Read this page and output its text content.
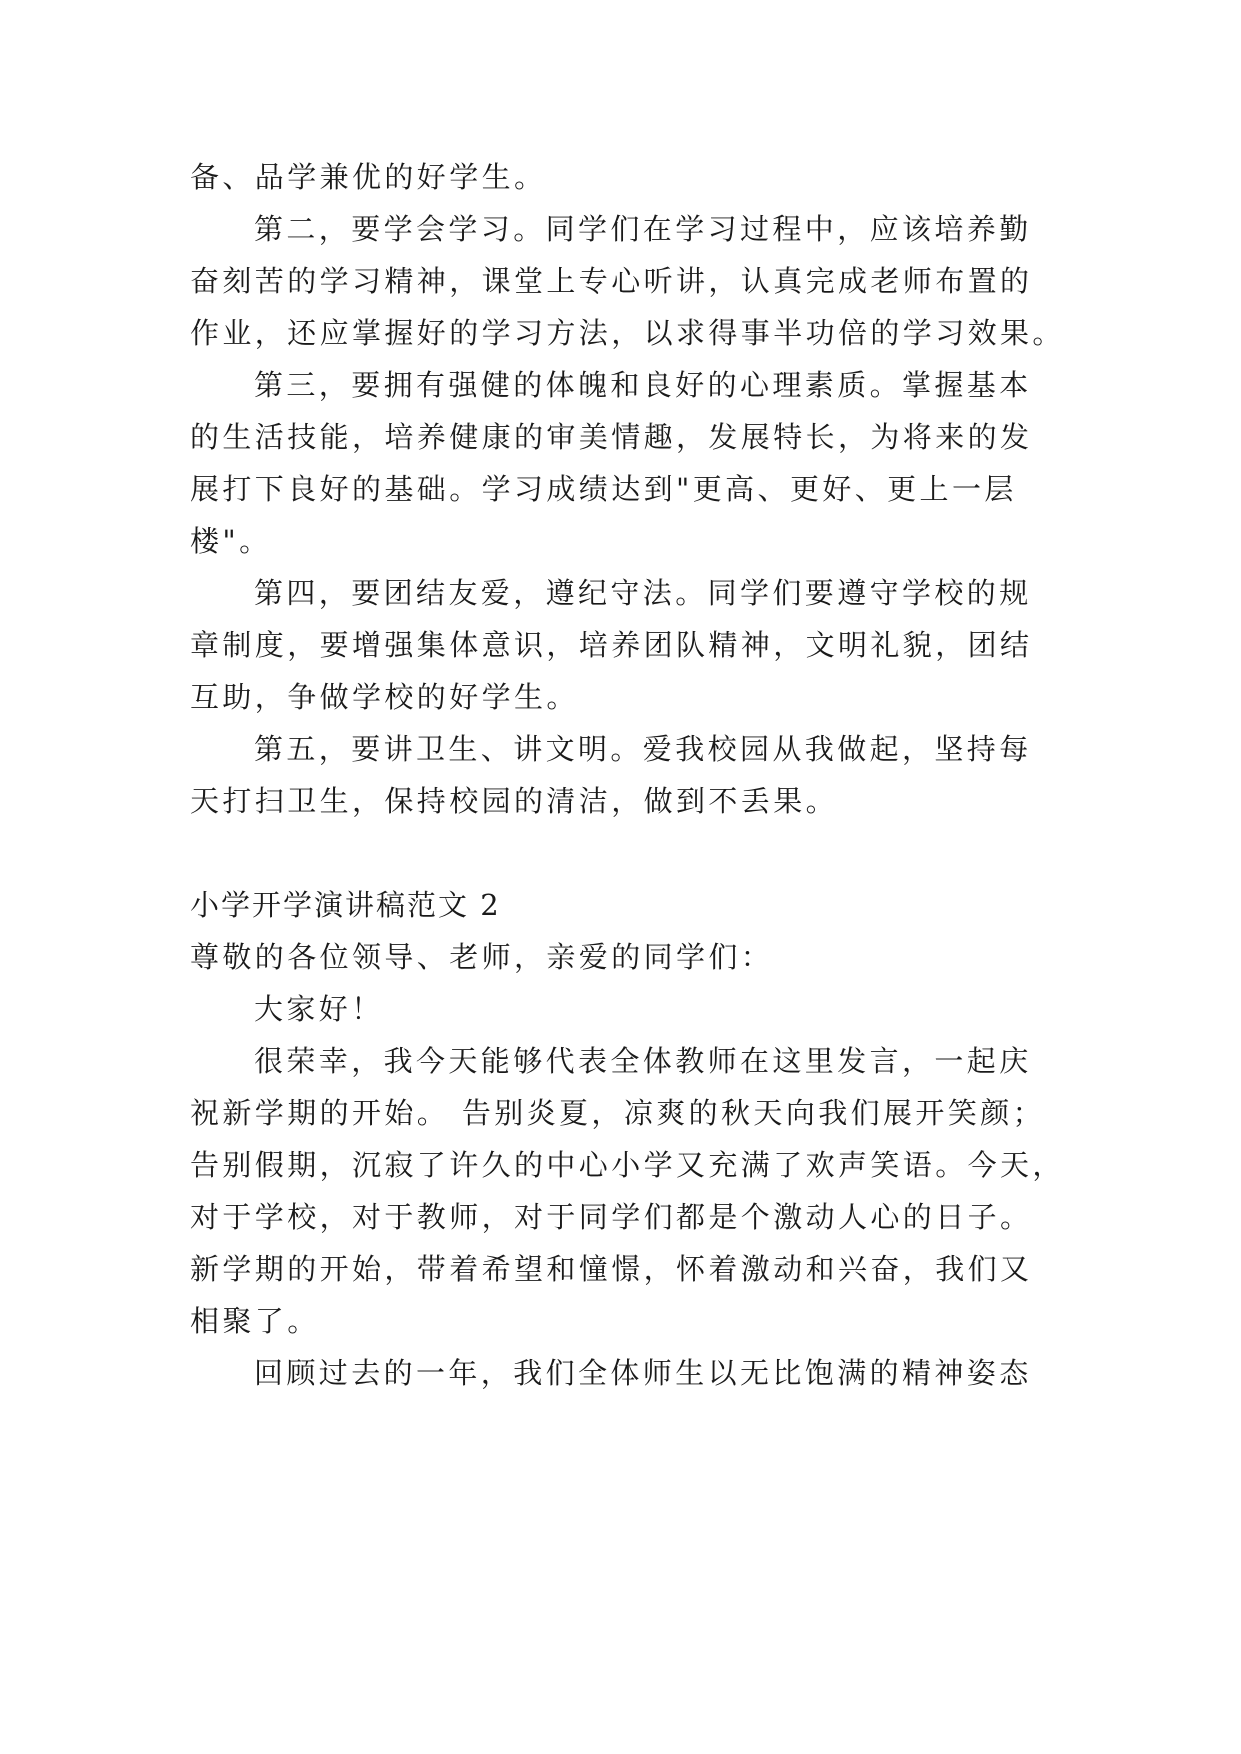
备、品学兼优的好学生。
第二，要学会学习。同学们在学习过程中，应该培养勤
奋刻苦的学习精神，课堂上专心听讲，认真完成老师布置的
作业，还应掌握好的学习方法，以求得事半功倍的学习效果。
第三，要拥有强健的体魄和良好的心理素质。掌握基本
的生活技能，培养健康的审美情趣，发展特长，为将来的发
展打下良好的基础。学习成绩达到"更高、更好、更上一层
楼"。
第四，要团结友爱，遵纪守法。同学们要遵守学校的规
章制度，要增强集体意识，培养团队精神，文明礼貌，团结
互助，争做学校的好学生。
第五，要讲卫生、讲文明。爱我校园从我做起，坚持每
天打扫卫生，保持校园的清洁，做到不丢果。
小学开学演讲稿范文 2
尊敬的各位领导、老师，亲爱的同学们：
大家好！
很荣幸，我今天能够代表全体教师在这里发言，一起庆
祝新学期的开始。 告别炎夏，凉爽的秋天向我们展开笑颜；
告别假期，沉寂了许久的中心小学又充满了欢声笑语。今天，
对于学校，对于教师，对于同学们都是个激动人心的日子。
新学期的开始，带着希望和憧憬，怀着激动和兴奋，我们又
相聚了。
回顾过去的一年，我们全体师生以无比饱满的精神姿态
